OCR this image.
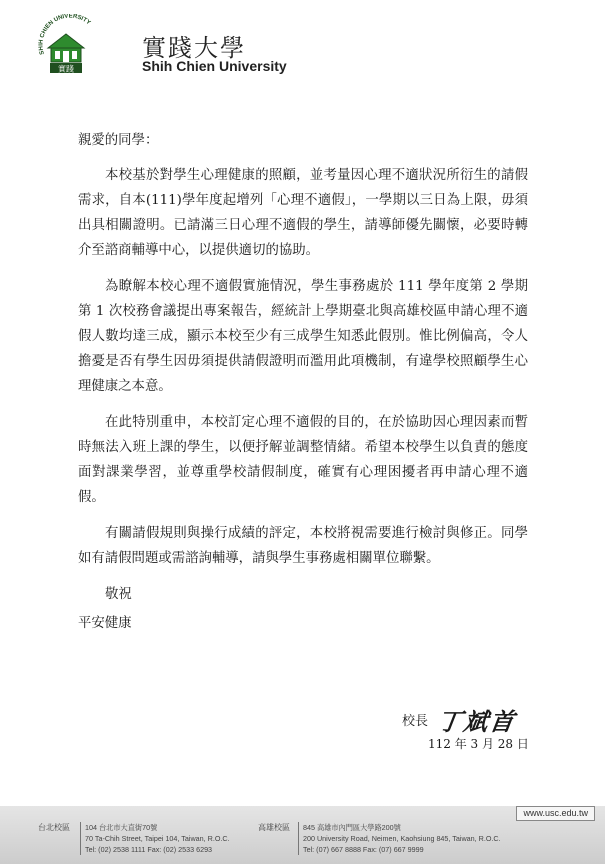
SHIH CHIEN UNIVERSITY
實踐
實踐大學
Shih Chien University

親愛的同學：

本校基於對學生心理健康的照顧，並考量因心理不適狀況所衍生的請假需求，自本(111)學年度起增列「心理不適假」，一學期以三日為上限，毋須出具相關證明。已請滿三日心理不適假的學生，請導師優先關懷，必要時轉介至諮商輔導中心，以提供適切的協助。

為瞭解本校心理不適假實施情況，學生事務處於 111 學年度第 2 學期第 1 次校務會議提出專案報告，經統計上學期臺北與高雄校區申請心理不適假人數均達三成，顯示本校至少有三成學生知悉此假別。惟比例偏高，令人擔憂是否有學生因毋須提供請假證明而濫用此項機制，有違學校照顧學生心理健康之本意。

在此特別重申，本校訂定心理不適假的目的，在於協助因心理因素而暫時無法入班上課的學生，以便抒解並調整情緒。希望本校學生以負責的態度面對課業學習，並尊重學校請假制度，確實有心理困擾者再申請心理不適假。

有關請假規則與操行成績的評定，本校將視需要進行檢討與修正。同學如有請假問題或需諮詢輔導，請與學生事務處相關單位聯繫。

敬祝

平安健康

校長 丁斌首
112 年 3 月 28 日
www.usc.edu.tw
台北校區 104 台北市大直街70號
70 Ta-Chih Street, Taipei 104, Taiwan, R.O.C.
Tel: (02) 2538 1111 Fax: (02) 2533 6293
高雄校區 845 高雄市內門區大學路200號
200 University Road, Neimen, Kaohsiung 845, Taiwan, R.O.C.
Tel: (07) 667 8888 Fax: (07) 667 9999
